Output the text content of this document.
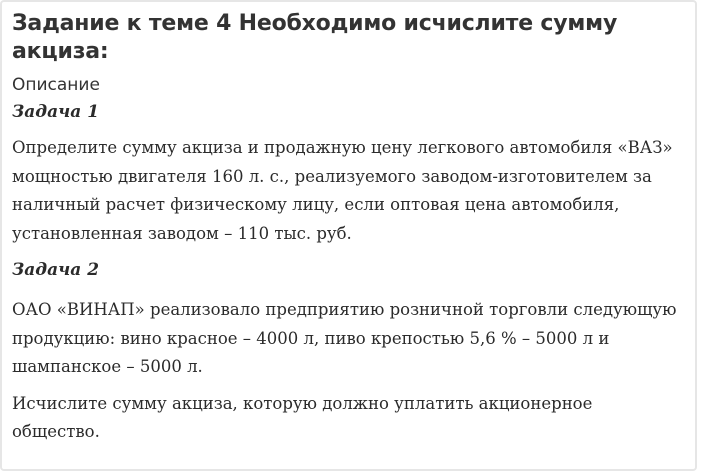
Задание к теме 4 Необходимо исчислите сумму акциза:
Описание
Задача 1

Определите сумму акциза и продажную цену легкового автомобиля «ВАЗ» мощностью двигателя 160 л. с., реализуемого заводом-изготовителем за наличный расчет физическому лицу, если оптовая цена автомобиля, установленная заводом – 110 тыс. руб.

Задача 2

ОАО «ВИНАП» реализовало предприятию розничной торговли следующую продукцию: вино красное – 4000 л, пиво крепостью 5,6 % – 5000 л и шампанское – 5000 л.

Исчислите сумму акциза, которую должно уплатить акционерное общество.
